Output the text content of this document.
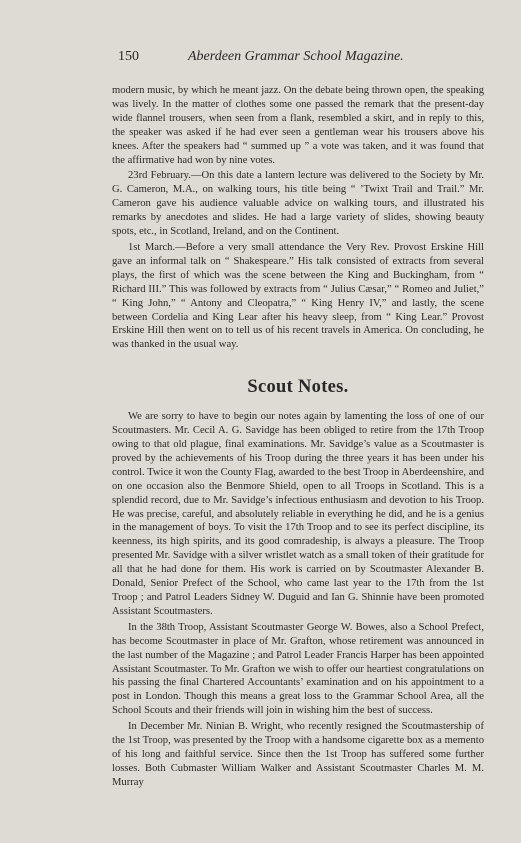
150	Aberdeen Grammar School Magazine.

modern music, by which he meant jazz. On the debate being thrown open, the speaking was lively. In the matter of clothes some one passed the remark that the present-day wide flannel trousers, when seen from a flank, resembled a skirt, and in reply to this, the speaker was asked if he had ever seen a gentleman wear his trousers above his knees. After the speakers had “ summed up ” a vote was taken, and it was found that the affirmative had won by nine votes.

23rd February.—On this date a lantern lecture was delivered to the Society by Mr. G. Cameron, M.A., on walking tours, his title being “ ’Twixt Trail and Trail.” Mr. Cameron gave his audience valuable advice on walking tours, and illustrated his remarks by anecdotes and slides. He had a large variety of slides, showing beauty spots, etc., in Scotland, Ireland, and on the Continent.

1st March.—Before a very small attendance the Very Rev. Provost Erskine Hill gave an informal talk on “ Shakespeare.” His talk consisted of extracts from several plays, the first of which was the scene between the King and Buckingham, from “ Richard III.” This was followed by extracts from “ Julius Cæsar,” “ Romeo and Juliet,” “ King John,” “ Antony and Cleopatra,” “ King Henry IV,” and lastly, the scene between Cordelia and King Lear after his heavy sleep, from “ King Lear.” Provost Erskine Hill then went on to tell us of his recent travels in America. On concluding, he was thanked in the usual way.

Scout Notes.

We are sorry to have to begin our notes again by lamenting the loss of one of our Scoutmasters. Mr. Cecil A. G. Savidge has been obliged to retire from the 17th Troop owing to that old plague, final examinations. Mr. Savidge’s value as a Scoutmaster is proved by the achievements of his Troop during the three years it has been under his control. Twice it won the County Flag, awarded to the best Troop in Aberdeenshire, and on one occasion also the Benmore Shield, open to all Troops in Scotland. This is a splendid record, due to Mr. Savidge’s infectious enthusiasm and devotion to his Troop. He was precise, careful, and absolutely reliable in everything he did, and he is a genius in the management of boys. To visit the 17th Troop and to see its perfect discipline, its keenness, its high spirits, and its good comradeship, is always a pleasure. The Troop presented Mr. Savidge with a silver wristlet watch as a small token of their gratitude for all that he had done for them. His work is carried on by Scoutmaster Alexander B. Donald, Senior Prefect of the School, who came last year to the 17th from the 1st Troop ; and Patrol Leaders Sidney W. Duguid and Ian G. Shinnie have been promoted Assistant Scoutmasters.

In the 38th Troop, Assistant Scoutmaster George W. Bowes, also a School Prefect, has become Scoutmaster in place of Mr. Grafton, whose retirement was announced in the last number of the Magazine ; and Patrol Leader Francis Harper has been appointed Assistant Scoutmaster. To Mr. Grafton we wish to offer our heartiest congratulations on his passing the final Chartered Accountants’ examination and on his appointment to a post in London. Though this means a great loss to the Grammar School Area, all the School Scouts and their friends will join in wishing him the best of success.

In December Mr. Ninian B. Wright, who recently resigned the Scoutmastership of the 1st Troop, was presented by the Troop with a handsome cigarette box as a memento of his long and faithful service. Since then the 1st Troop has suffered some further losses. Both Cubmaster William Walker and Assistant Scoutmaster Charles M. M. Murray
